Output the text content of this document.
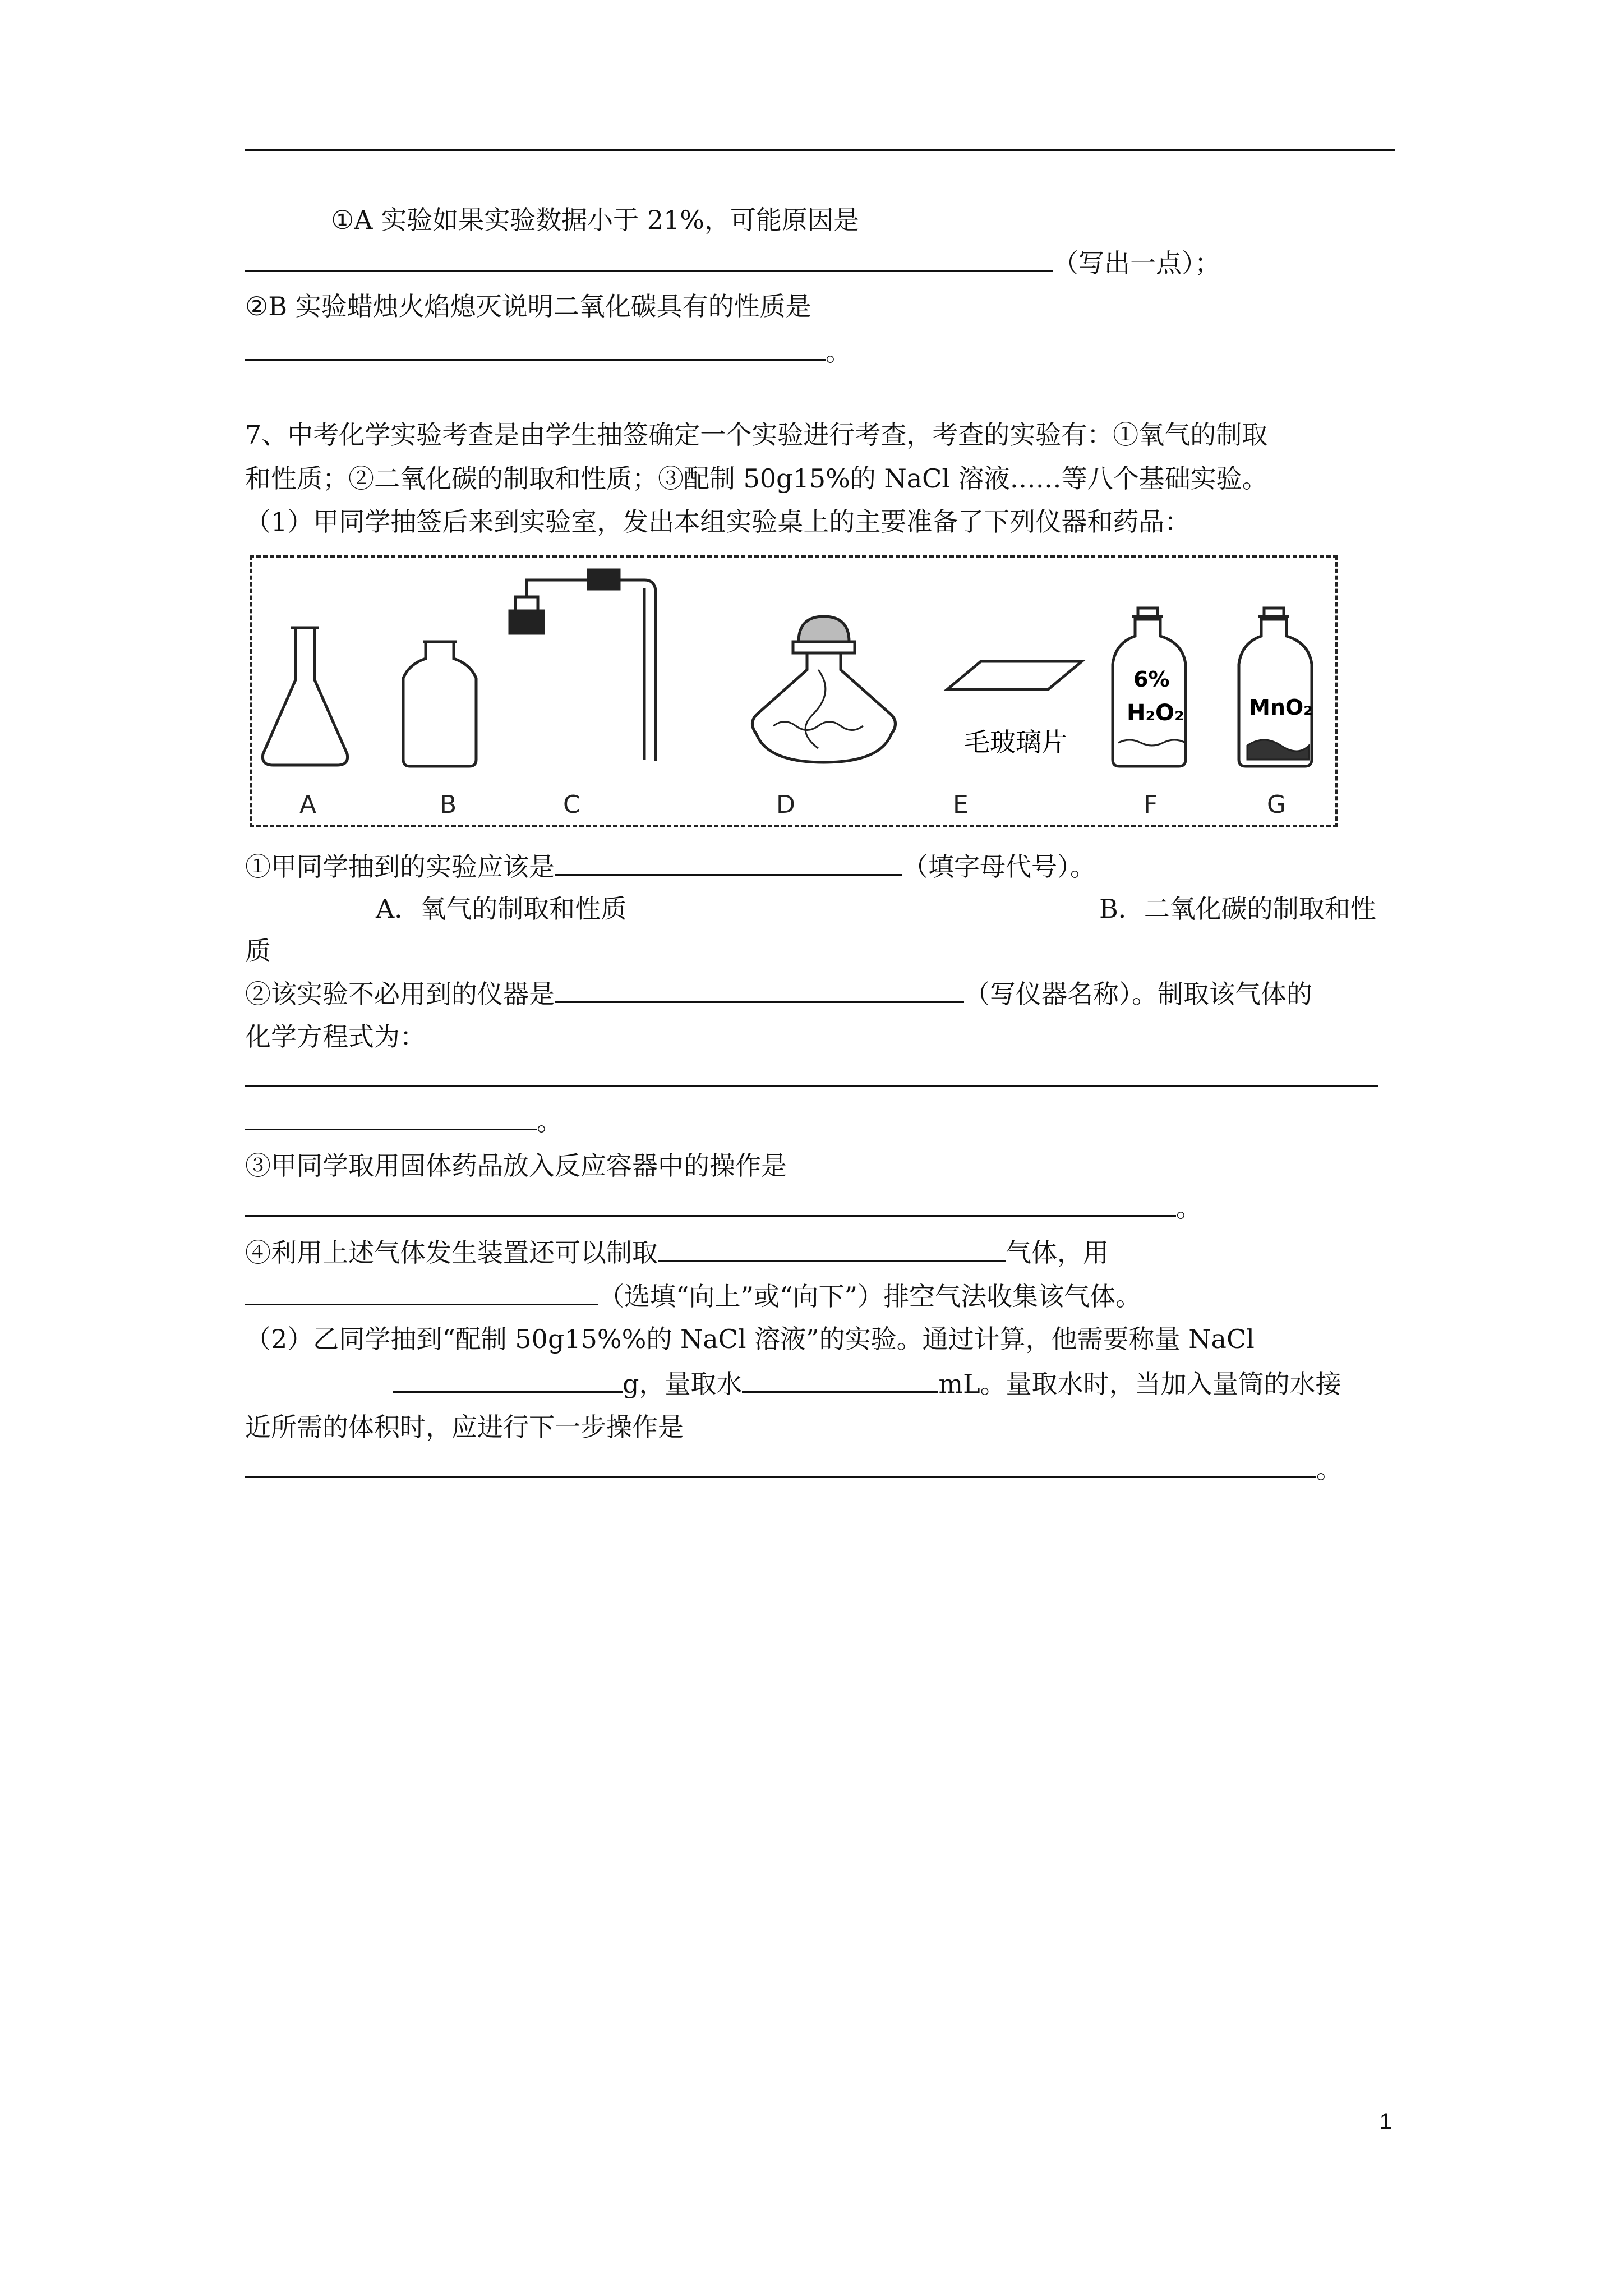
①A 实验如果实验数据小于 21%，可能原因是
（写出一点）；
②B 实验蜡烛火焰熄灭说明二氧化碳具有的性质是
。
7、中考化学实验考查是由学生抽签确定一个实验进行考查，考查的实验有：①氧气的制取
和性质；②二氧化碳的制取和性质；③配制 50g15%的 NaCl 溶液……等八个基础实验。
（1）甲同学抽签后来到实验室，发出本组实验桌上的主要准备了下列仪器和药品：
毛玻璃片
6%
H₂O₂	MnO₂
A	B	C	D	E	F	G
①甲同学抽到的实验应该是	（填字母代号）。
A．氧气的制取和性质	B．二氧化碳的制取和性
质
②该实验不必用到的仪器是	（写仪器名称）。制取该气体的
化学方程式为：
。
③甲同学取用固体药品放入反应容器中的操作是
。
④利用上述气体发生装置还可以制取	气体，用
（选填“向上”或“向下”）排空气法收集该气体。
（2）乙同学抽到“配制 50g15%%的 NaCl 溶液”的实验。通过计算，他需要称量 NaCl
g，量取水	mL。量取水时，当加入量筒的水接
近所需的体积时，应进行下一步操作是
。
1
